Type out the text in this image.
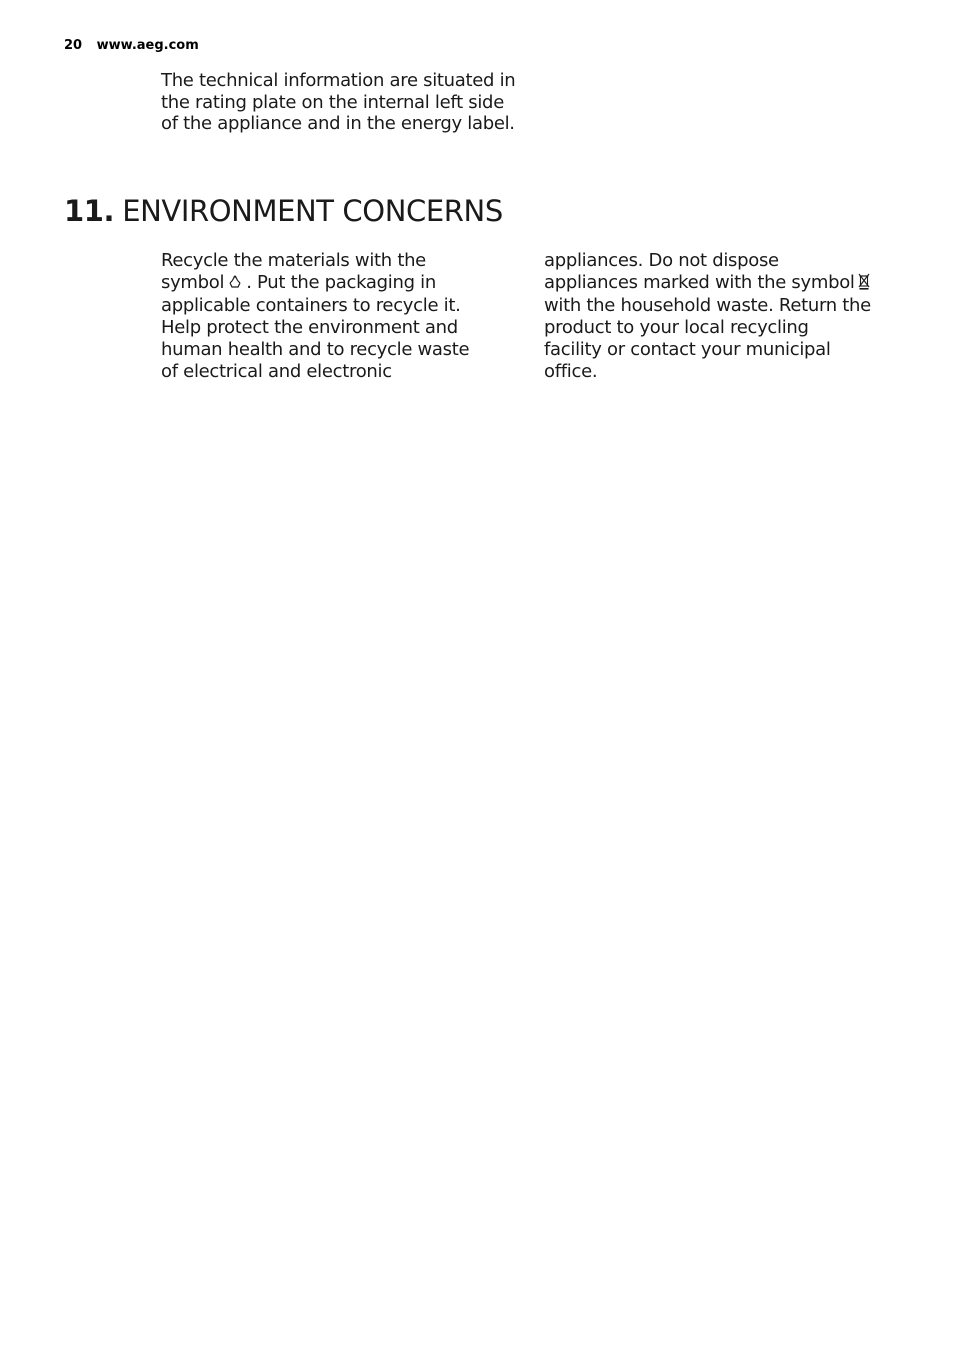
20 www.aeg.com
The technical information are situated in
the rating plate on the internal left side
of the appliance and in the energy label.
11. ENVIRONMENT CONCERNS
Recycle the materials with the
symbol . Put the packaging in
applicable containers to recycle it.
Help protect the environment and
human health and to recycle waste
of electrical and electronic
appliances. Do not dispose
appliances marked with the symbol
with the household waste. Return the
product to your local recycling
facility or contact your municipal
office.
